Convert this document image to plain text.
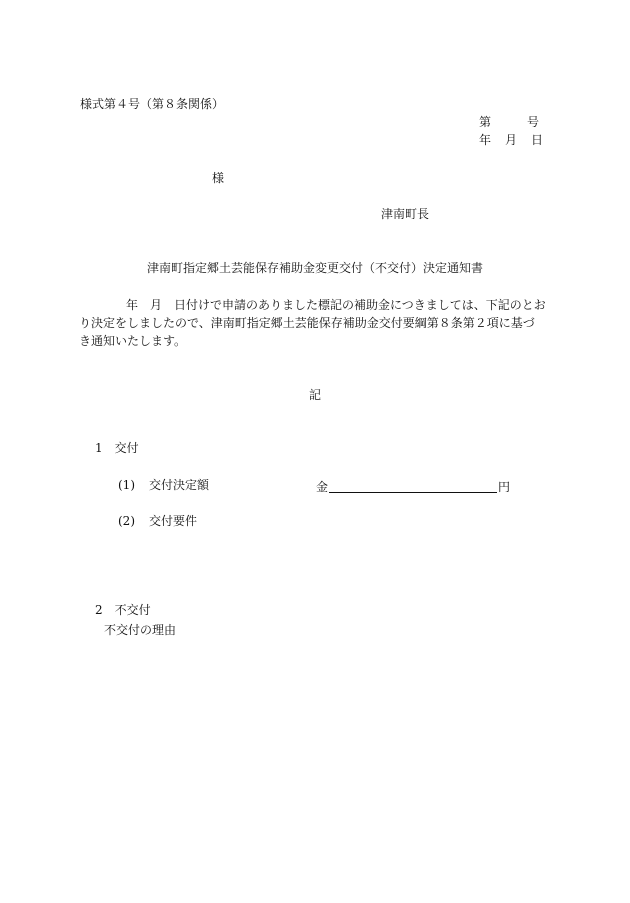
様式第４号（第８条関係）
第	号
年 月 日
様
津南町長
津南町指定郷土芸能保存補助金変更交付（不交付）決定通知書
年　月　日付けで申請のありました標記の補助金につきましては、下記のとお
り決定をしましたので、津南町指定郷土芸能保存補助金交付要綱第８条第２項に基づ
き通知いたします。
記
1 交付
(1) 交付決定額	金	円
(2) 交付要件
2 不交付
不交付の理由
